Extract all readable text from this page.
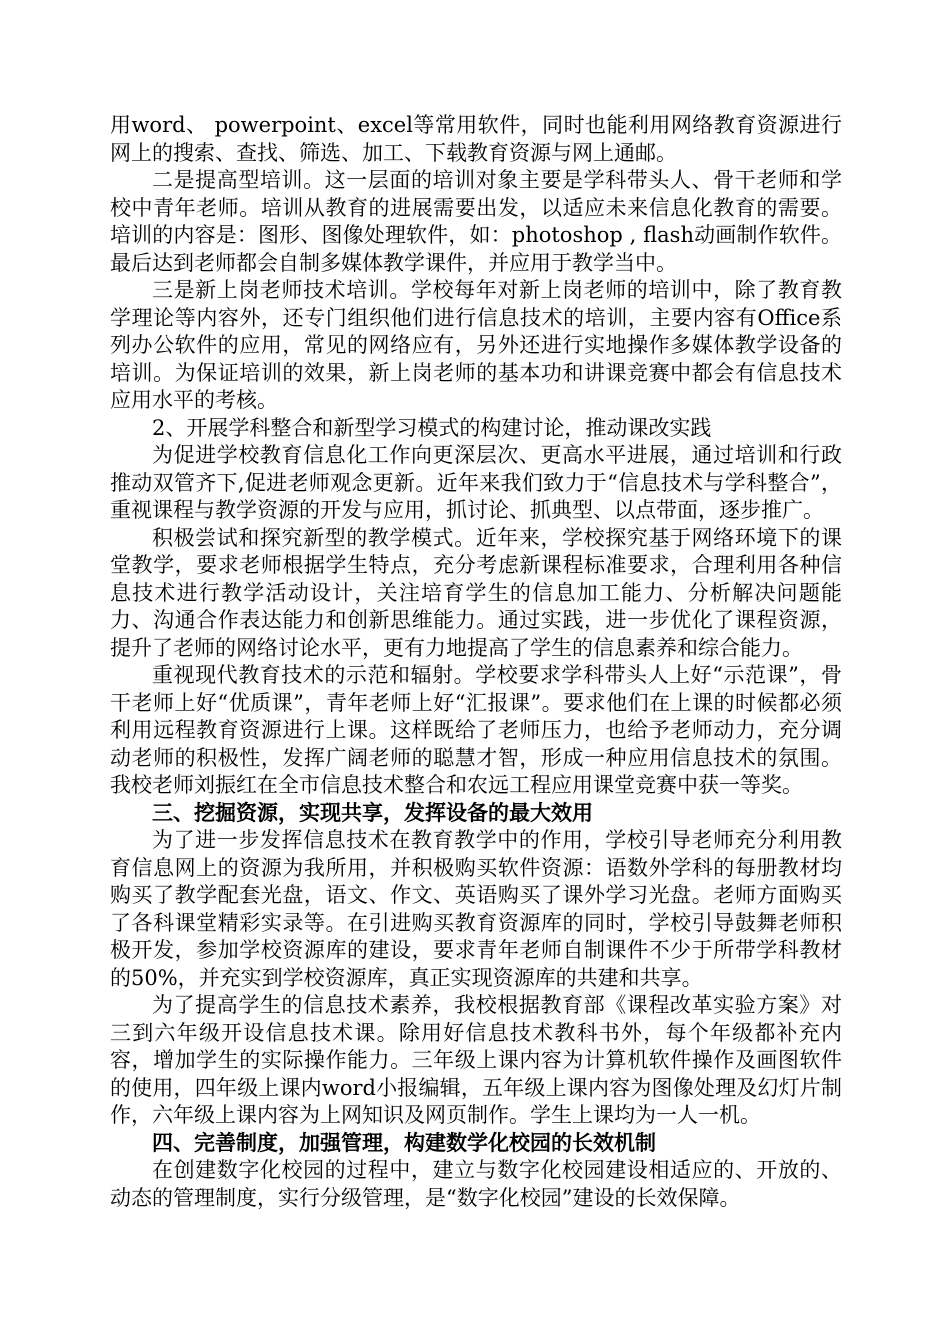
用word、 powerpoint、excel等常用软件，同时也能利用网络教育资源进行网上的搜索、查找、筛选、加工、下载教育资源与网上通邮。

二是提高型培训。这一层面的培训对象主要是学科带头人、骨干老师和学校中青年老师。培训从教育的进展需要出发，以适应未来信息化教育的需要。培训的内容是：图形、图像处理软件，如：photoshop , flash动画制作软件。最后达到老师都会自制多媒体教学课件，并应用于教学当中。

三是新上岗老师技术培训。学校每年对新上岗老师的培训中，除了教育教学理论等内容外，还专门组织他们进行信息技术的培训，主要内容有Office系列办公软件的应用，常见的网络应有，另外还进行实地操作多媒体教学设备的培训。为保证培训的效果，新上岗老师的基本功和讲课竞赛中都会有信息技术应用水平的考核。

2、开展学科整合和新型学习模式的构建讨论，推动课改实践

为促进学校教育信息化工作向更深层次、更高水平进展，通过培训和行政推动双管齐下,促进老师观念更新。近年来我们致力于“信息技术与学科整合”，重视课程与教学资源的开发与应用，抓讨论、抓典型、以点带面，逐步推广。

积极尝试和探究新型的教学模式。近年来，学校探究基于网络环境下的课堂教学，要求老师根据学生特点，充分考虑新课程标准要求，合理利用各种信息技术进行教学活动设计，关注培育学生的信息加工能力、分析解决问题能力、沟通合作表达能力和创新思维能力。通过实践，进一步优化了课程资源，提升了老师的网络讨论水平，更有力地提高了学生的信息素养和综合能力。

重视现代教育技术的示范和辐射。学校要求学科带头人上好“示范课”，骨干老师上好“优质课”，青年老师上好“汇报课”。要求他们在上课的时候都必须利用远程教育资源进行上课。这样既给了老师压力，也给予老师动力，充分调动老师的积极性，发挥广阔老师的聪慧才智，形成一种应用信息技术的氛围。我校老师刘振红在全市信息技术整合和农远工程应用课堂竞赛中获一等奖。

三、挖掘资源，实现共享，发挥设备的最大效用

为了进一步发挥信息技术在教育教学中的作用，学校引导老师充分利用教育信息网上的资源为我所用，并积极购买软件资源：语数外学科的每册教材均购买了教学配套光盘，语文、作文、英语购买了课外学习光盘。老师方面购买了各科课堂精彩实录等。在引进购买教育资源库的同时，学校引导鼓舞老师积极开发，参加学校资源库的建设，要求青年老师自制课件不少于所带学科教材的50%，并充实到学校资源库，真正实现资源库的共建和共享。

为了提高学生的信息技术素养，我校根据教育部《课程改革实验方案》对三到六年级开设信息技术课。除用好信息技术教科书外，每个年级都补充内容，增加学生的实际操作能力。三年级上课内容为计算机软件操作及画图软件的使用，四年级上课内word小报编辑，五年级上课内容为图像处理及幻灯片制作，六年级上课内容为上网知识及网页制作。学生上课均为一人一机。

四、完善制度，加强管理，构建数学化校园的长效机制

在创建数字化校园的过程中，建立与数字化校园建设相适应的、开放的、动态的管理制度，实行分级管理，是“数字化校园”建设的长效保障。
